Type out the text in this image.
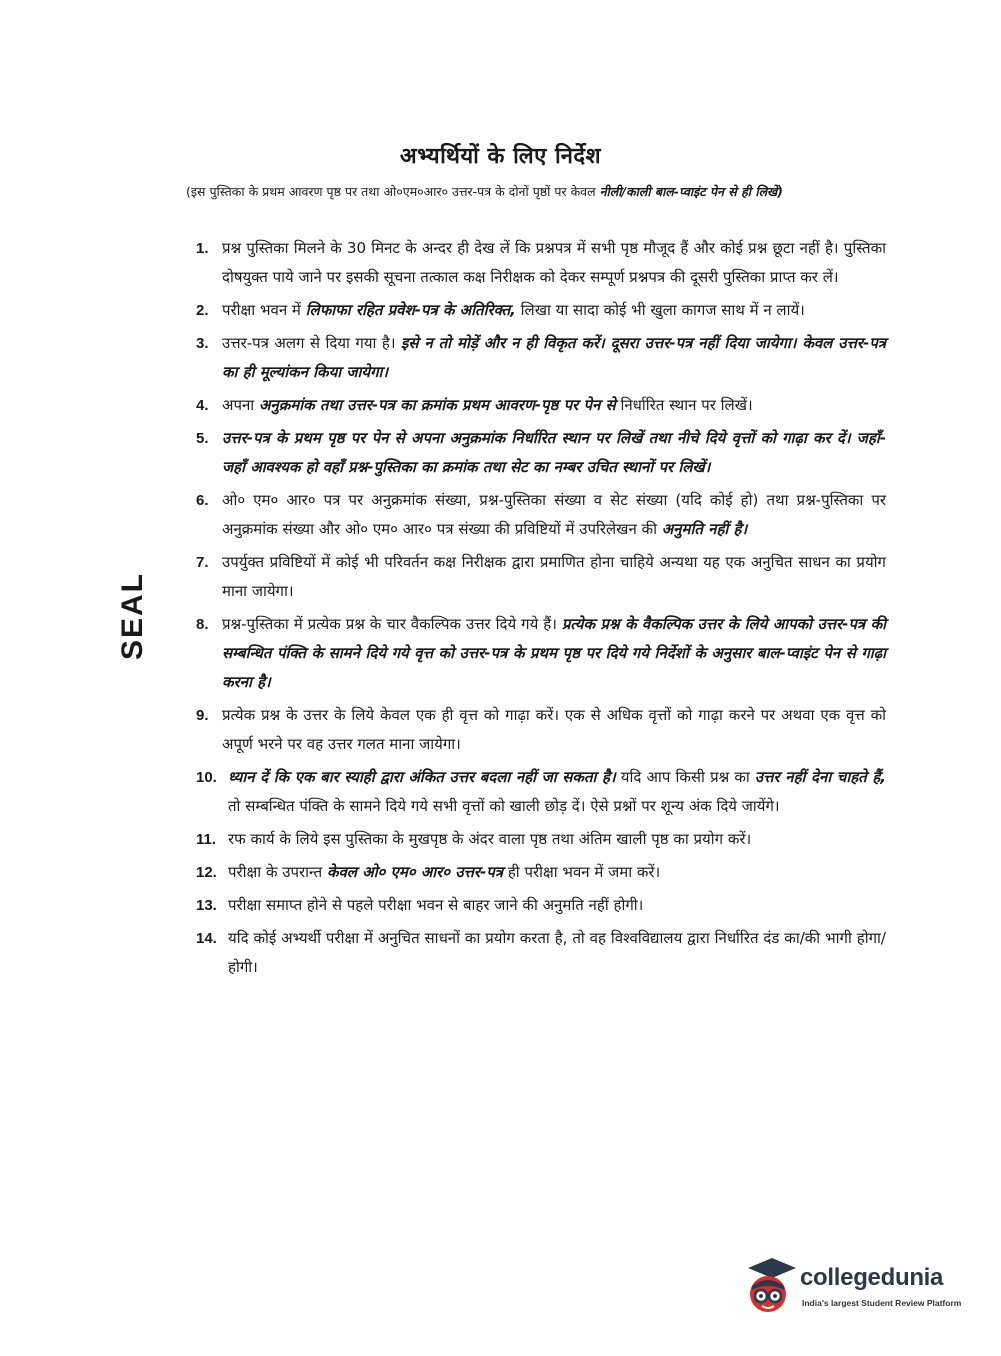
अभ्यर्थियों के लिए निर्देश
(इस पुस्तिका के प्रथम आवरण पृष्ठ पर तथा ओ०एम०आर० उत्तर-पत्र के दोनों पृष्ठों पर केवल नीली/काली बाल-प्वाइंट पेन से ही लिखें)
SEAL
1. प्रश्न पुस्तिका मिलने के 30 मिनट के अन्दर ही देख लें कि प्रश्नपत्र में सभी पृष्ठ मौजूद हैं और कोई प्रश्न छूटा नहीं है। पुस्तिका दोषयुक्त पाये जाने पर इसकी सूचना तत्काल कक्ष निरीक्षक को देकर सम्पूर्ण प्रश्नपत्र की दूसरी पुस्तिका प्राप्त कर लें।
2. परीक्षा भवन में लिफाफा रहित प्रवेश-पत्र के अतिरिक्त, लिखा या सादा कोई भी खुला कागज साथ में न लायें।
3. उत्तर-पत्र अलग से दिया गया है। इसे न तो मोड़ें और न ही विकृत करें। दूसरा उत्तर-पत्र नहीं दिया जायेगा। केवल उत्तर-पत्र का ही मूल्यांकन किया जायेगा।
4. अपना अनुक्रमांक तथा उत्तर-पत्र का क्रमांक प्रथम आवरण-पृष्ठ पर पेन से निर्धारित स्थान पर लिखें।
5. उत्तर-पत्र के प्रथम पृष्ठ पर पेन से अपना अनुक्रमांक निर्धारित स्थान पर लिखें तथा नीचे दिये वृत्तों को गाढ़ा कर दें। जहाँ-जहाँ आवश्यक हो वहाँ प्रश्न-पुस्तिका का क्रमांक तथा सेट का नम्बर उचित स्थानों पर लिखें।
6. ओ० एम० आर० पत्र पर अनुक्रमांक संख्या, प्रश्न-पुस्तिका संख्या व सेट संख्या (यदि कोई हो) तथा प्रश्न-पुस्तिका पर अनुक्रमांक संख्या और ओ० एम० आर० पत्र संख्या की प्रविष्टियों में उपरिलेखन की अनुमति नहीं है।
7. उपर्युक्त प्रविष्टियों में कोई भी परिवर्तन कक्ष निरीक्षक द्वारा प्रमाणित होना चाहिये अन्यथा यह एक अनुचित साधन का प्रयोग माना जायेगा।
8. प्रश्न-पुस्तिका में प्रत्येक प्रश्न के चार वैकल्पिक उत्तर दिये गये हैं। प्रत्येक प्रश्न के वैकल्पिक उत्तर के लिये आपको उत्तर-पत्र की सम्बन्धित पंक्ति के सामने दिये गये वृत्त को उत्तर-पत्र के प्रथम पृष्ठ पर दिये गये निर्देशों के अनुसार बाल-प्वाइंट पेन से गाढ़ा करना है।
9. प्रत्येक प्रश्न के उत्तर के लिये केवल एक ही वृत्त को गाढ़ा करें। एक से अधिक वृत्तों को गाढ़ा करने पर अथवा एक वृत्त को अपूर्ण भरने पर वह उत्तर गलत माना जायेगा।
10. ध्यान दें कि एक बार स्याही द्वारा अंकित उत्तर बदला नहीं जा सकता है। यदि आप किसी प्रश्न का उत्तर नहीं देना चाहते हैं, तो सम्बन्धित पंक्ति के सामने दिये गये सभी वृत्तों को खाली छोड़ दें। ऐसे प्रश्नों पर शून्य अंक दिये जायेंगे।
11. रफ कार्य के लिये इस पुस्तिका के मुखपृष्ठ के अंदर वाला पृष्ठ तथा अंतिम खाली पृष्ठ का प्रयोग करें।
12. परीक्षा के उपरान्त केवल ओ० एम० आर० उत्तर-पत्र ही परीक्षा भवन में जमा करें।
13. परीक्षा समाप्त होने से पहले परीक्षा भवन से बाहर जाने की अनुमति नहीं होगी।
14. यदि कोई अभ्यर्थी परीक्षा में अनुचित साधनों का प्रयोग करता है, तो वह विश्वविद्यालय द्वारा निर्धारित दंड का/की भागी होगा/होगी।
collegedunia
India's largest Student Review Platform
